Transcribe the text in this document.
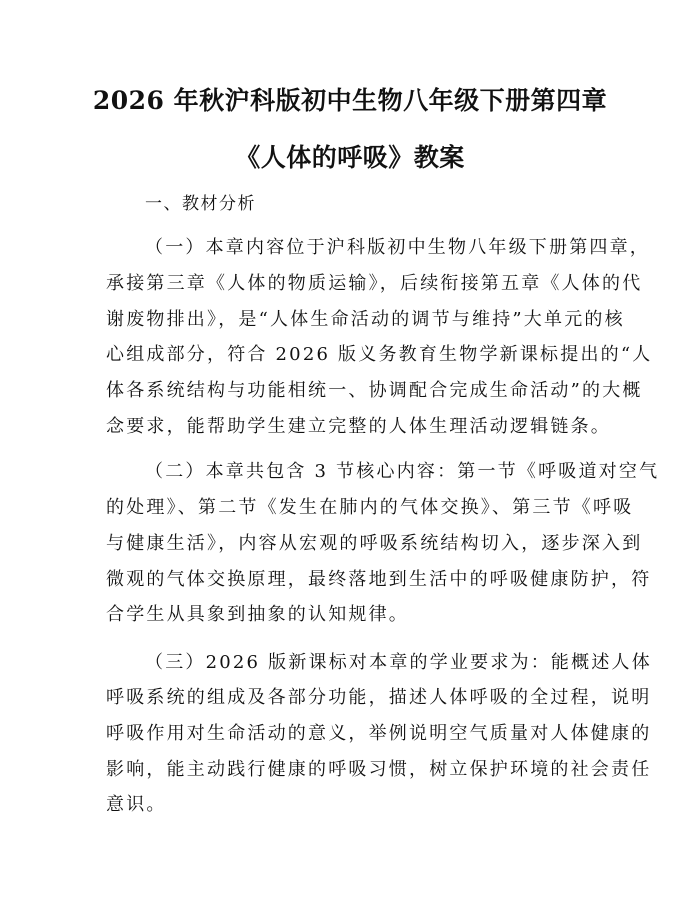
2026 年秋沪科版初中生物八年级下册第四章
《人体的呼吸》教案
一、教材分析
（一）本章内容位于沪科版初中生物八年级下册第四章，
承接第三章《人体的物质运输》，后续衔接第五章《人体的代
谢废物排出》，是“人体生命活动的调节与维持”大单元的核
心组成部分，符合 2026 版义务教育生物学新课标提出的“人
体各系统结构与功能相统一、协调配合完成生命活动”的大概
念要求，能帮助学生建立完整的人体生理活动逻辑链条。
（二）本章共包含 3 节核心内容：第一节《呼吸道对空气
的处理》、第二节《发生在肺内的气体交换》、第三节《呼吸
与健康生活》，内容从宏观的呼吸系统结构切入，逐步深入到
微观的气体交换原理，最终落地到生活中的呼吸健康防护，符
合学生从具象到抽象的认知规律。
（三）2026 版新课标对本章的学业要求为：能概述人体
呼吸系统的组成及各部分功能，描述人体呼吸的全过程，说明
呼吸作用对生命活动的意义，举例说明空气质量对人体健康的
影响，能主动践行健康的呼吸习惯，树立保护环境的社会责任
意识。
